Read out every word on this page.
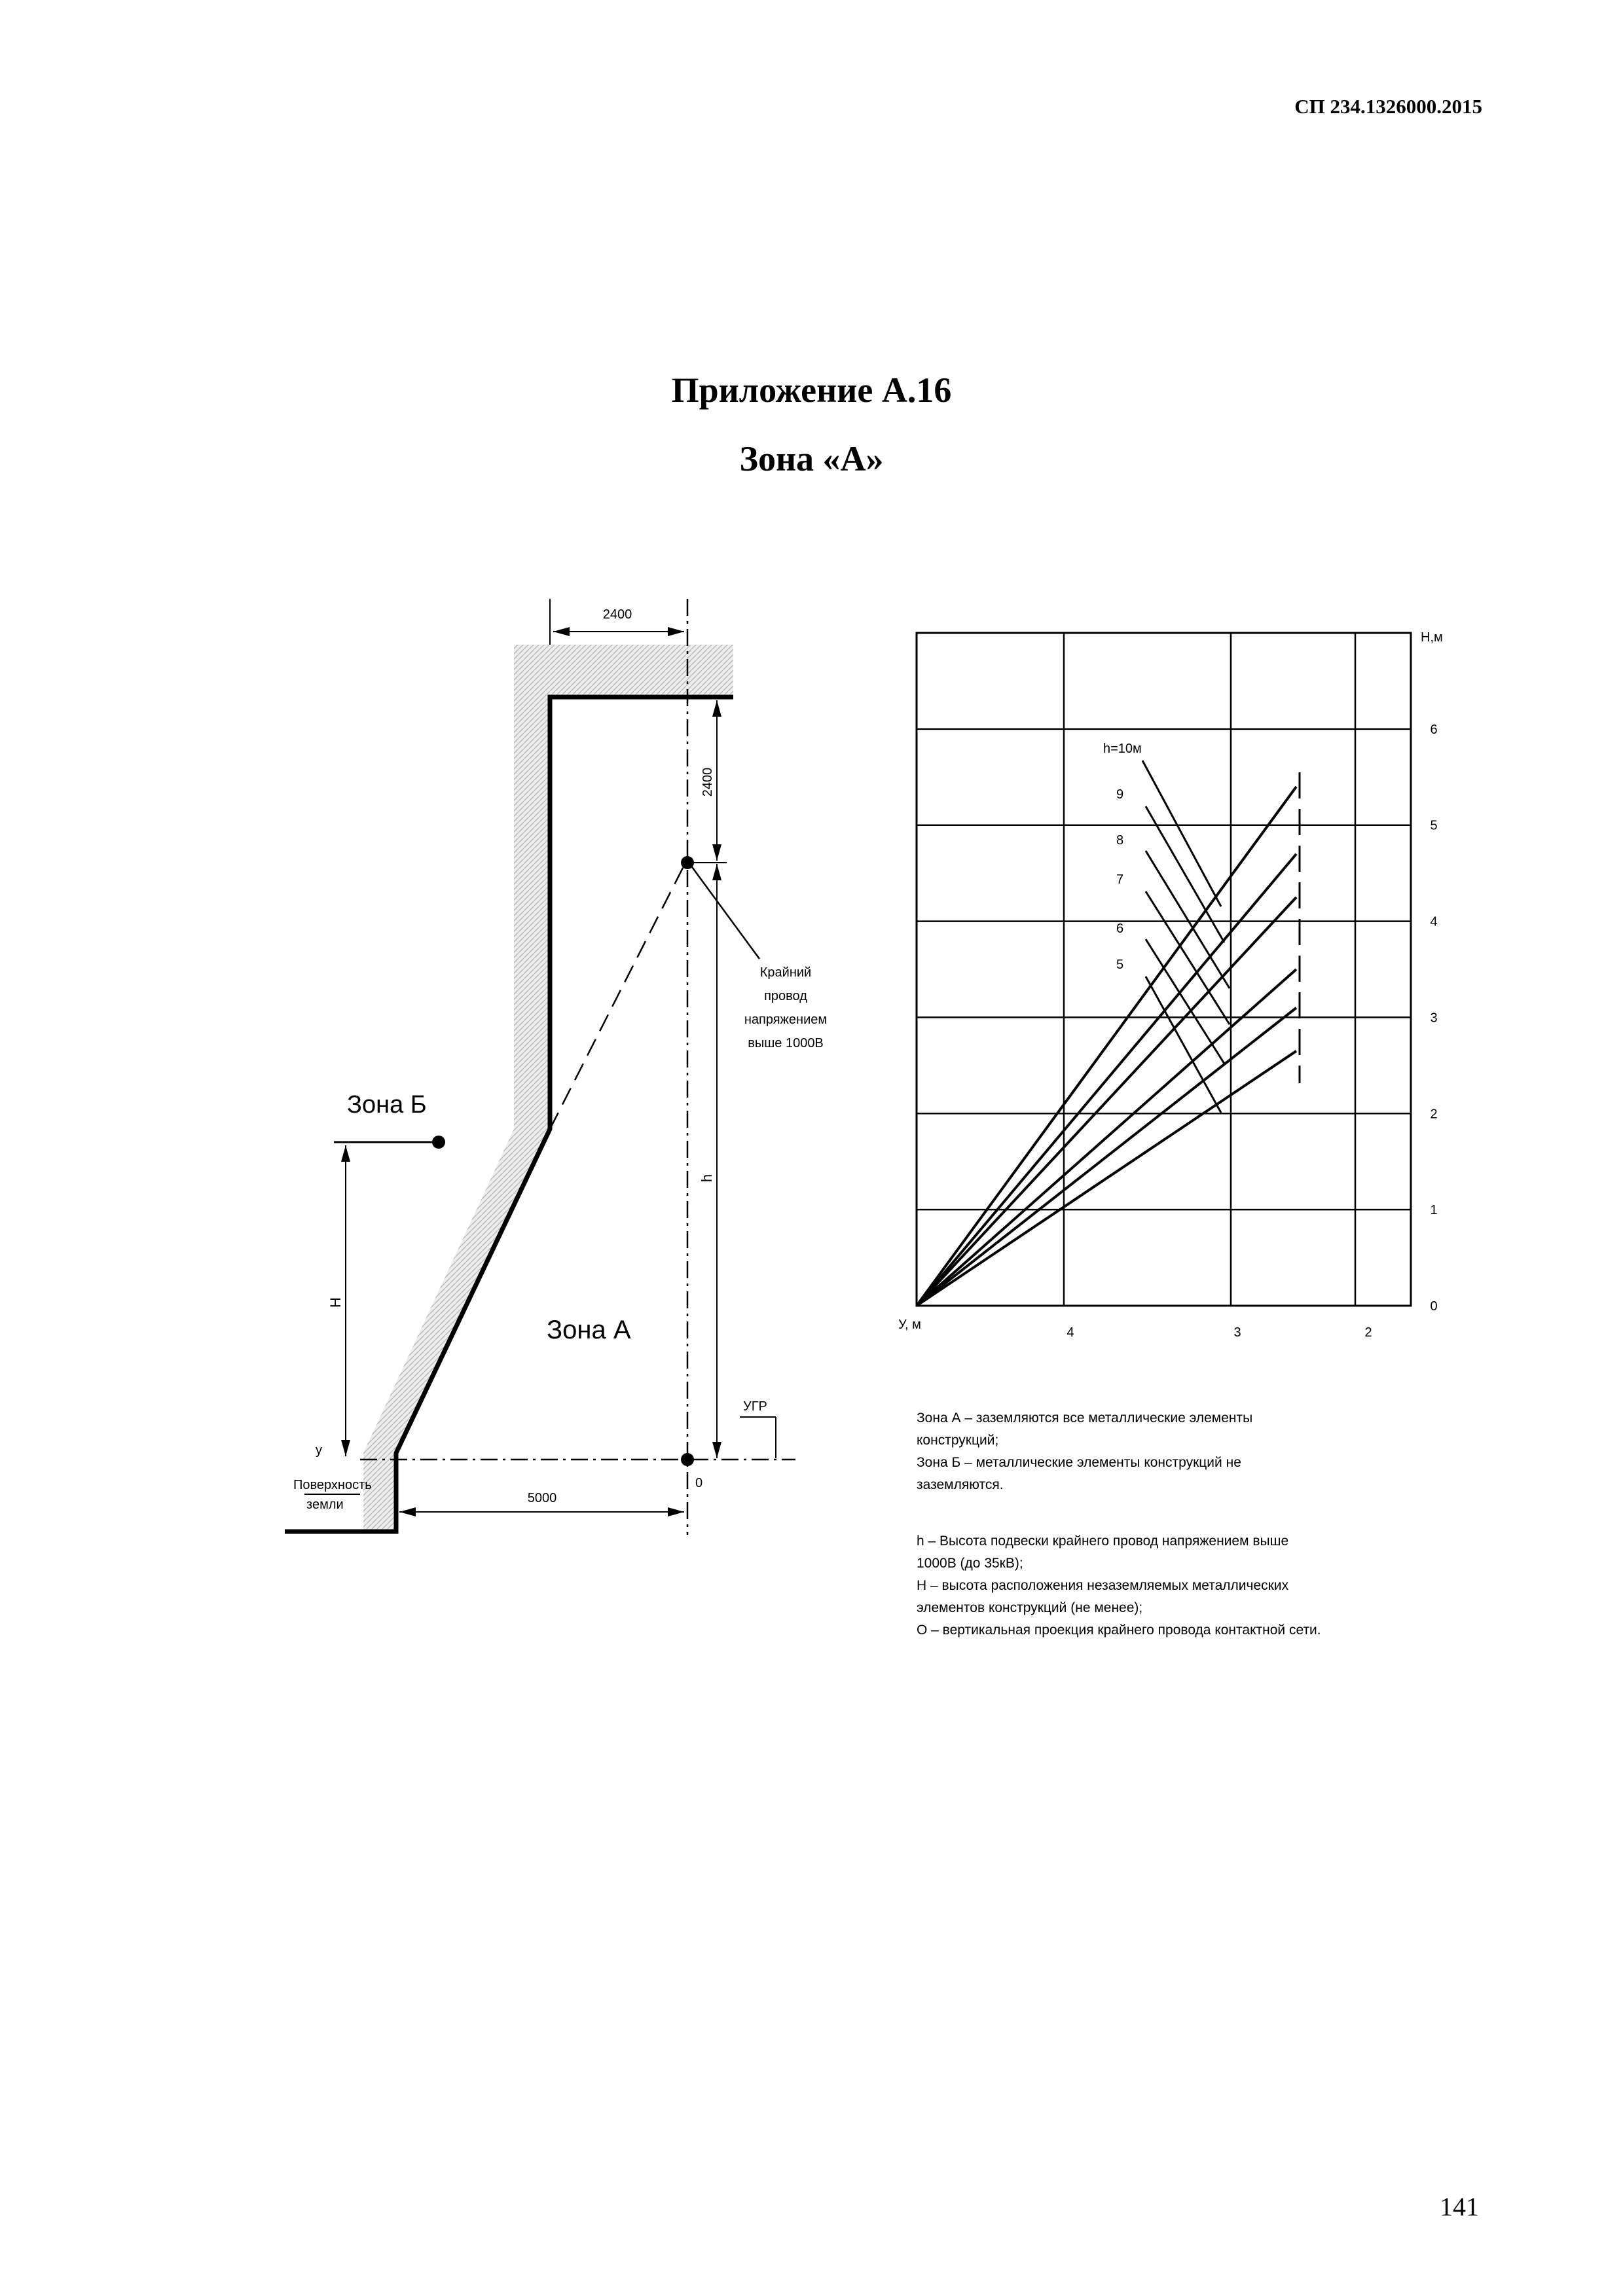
СП 234.1326000.2015
Приложение А.16
Зона «А»
2400
2400
h
Крайний
провод
напряжением
выше 1000В
Зона Б
H
Зона А
0
УГР
у
Поверхность
земли	5000
h=10м
9
8
7
6
5
0
1
2
3
4
5
6
4	3	2
H,м
У, м

Зона А – заземляются все металлические элементы конструкций;

Зона Б – металлические элементы конструкций не заземляются.

h – Высота подвески крайнего провод напряжением выше 1000В (до 35кВ);

Н – высота расположения незаземляемых металлических элементов конструкций (не менее);

О – вертикальная проекция крайнего провода контактной сети.

141
